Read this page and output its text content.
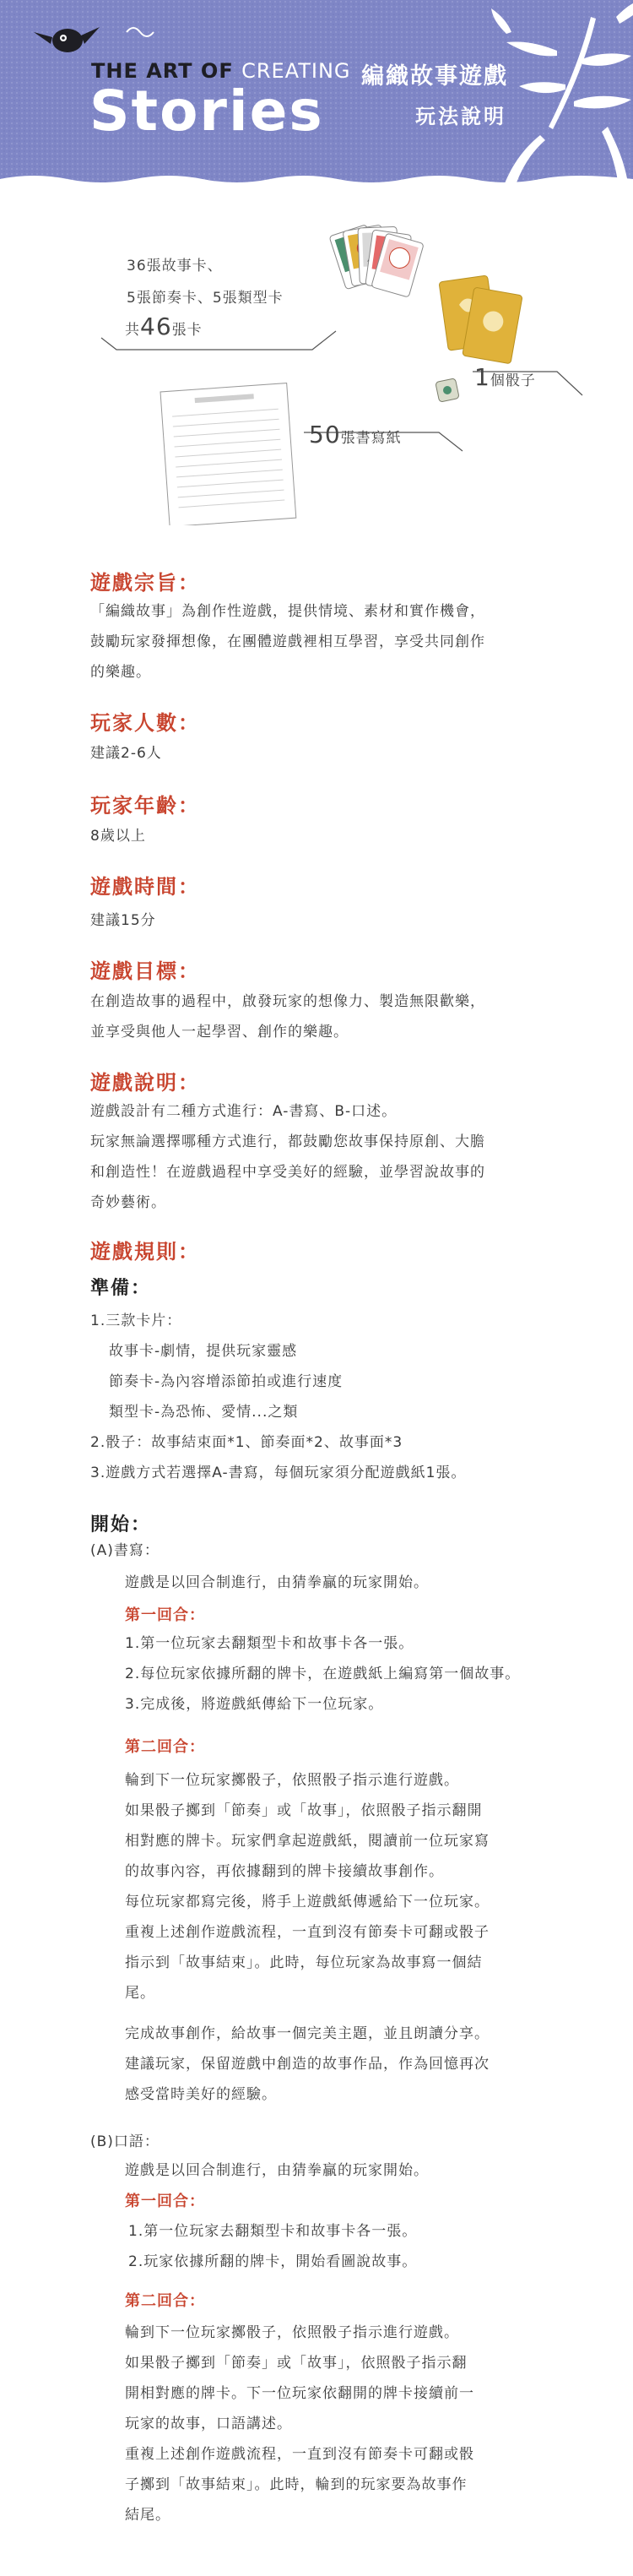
THE ART OF CREATING
Stories
編織故事遊戲
玩法說明
36張故事卡、
5張節奏卡、5張類型卡
共46張卡
1個骰子
50張書寫紙
遊戲宗旨：
「編織故事」為創作性遊戲，提供情境、素材和實作機會，
鼓勵玩家發揮想像，在團體遊戲裡相互學習，享受共同創作
的樂趣。
玩家人數：
建議2-6人
玩家年齡：
8歲以上
遊戲時間：
建議15分
遊戲目標：
在創造故事的過程中，啟發玩家的想像力、製造無限歡樂，
並享受與他人一起學習、創作的樂趣。
遊戲說明：
遊戲設計有二種方式進行：A-書寫、B-口述。
玩家無論選擇哪種方式進行，都鼓勵您故事保持原創、大膽
和創造性！在遊戲過程中享受美好的經驗，並學習說故事的
奇妙藝術。
遊戲規則：
準備：
1.三款卡片：
故事卡-劇情，提供玩家靈感
節奏卡-為內容增添節拍或進行速度
類型卡-為恐怖、愛情...之類
2.骰子：故事結束面*1、節奏面*2、故事面*3
3.遊戲方式若選擇A-書寫，每個玩家須分配遊戲紙1張。
開始：
(A)書寫：
遊戲是以回合制進行，由猜拳贏的玩家開始。
第一回合：
1.第一位玩家去翻類型卡和故事卡各一張。
2.每位玩家依據所翻的牌卡，在遊戲紙上編寫第一個故事。
3.完成後，將遊戲紙傳給下一位玩家。
第二回合：
輪到下一位玩家擲骰子，依照骰子指示進行遊戲。
如果骰子擲到「節奏」或「故事」，依照骰子指示翻開
相對應的牌卡。玩家們拿起遊戲紙，閱讀前一位玩家寫
的故事內容，再依據翻到的牌卡接續故事創作。
每位玩家都寫完後，將手上遊戲紙傳遞給下一位玩家。
重複上述創作遊戲流程，一直到沒有節奏卡可翻或骰子
指示到「故事結束」。此時，每位玩家為故事寫一個結
尾。
完成故事創作，給故事一個完美主題，並且朗讀分享。
建議玩家，保留遊戲中創造的故事作品，作為回憶再次
感受當時美好的經驗。
(B)口語：
遊戲是以回合制進行，由猜拳贏的玩家開始。
第一回合：
1.第一位玩家去翻類型卡和故事卡各一張。
2.玩家依據所翻的牌卡，開始看圖說故事。
第二回合：
輪到下一位玩家擲骰子，依照骰子指示進行遊戲。
如果骰子擲到「節奏」或「故事」，依照骰子指示翻
開相對應的牌卡。下一位玩家依翻開的牌卡接續前一
玩家的故事，口語講述。
重複上述創作遊戲流程，一直到沒有節奏卡可翻或骰
子擲到「故事結束」。此時，輪到的玩家要為故事作
結尾。
